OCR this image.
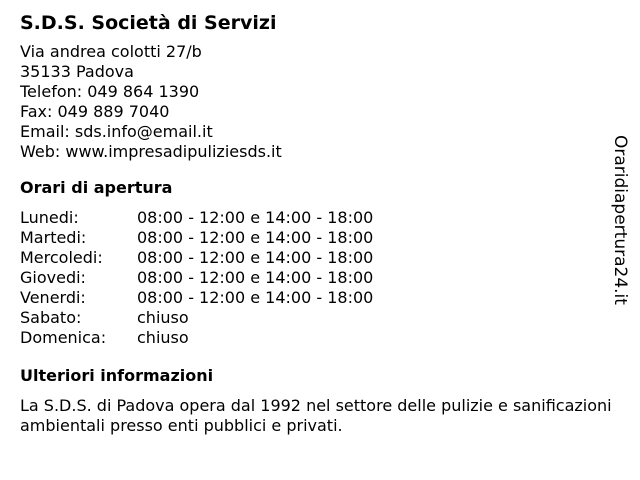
S.D.S. Società di Servizi
Via andrea colotti 27/b
35133 Padova
Telefon: 049 864 1390
Fax: 049 889 7040
Email: sds.info@email.it
Web: www.impresadipuliziesds.it
Orari di apertura
Lunedi:	08:00 - 12:00 e 14:00 - 18:00
Martedi:	08:00 - 12:00 e 14:00 - 18:00
Mercoledi:	08:00 - 12:00 e 14:00 - 18:00
Giovedi:	08:00 - 12:00 e 14:00 - 18:00
Venerdi:	08:00 - 12:00 e 14:00 - 18:00
Sabato:	chiuso
Domenica:	chiuso
Ulteriori informazioni

La S.D.S. di Padova opera dal 1992 nel settore delle pulizie e sanificazioni ambientali presso enti pubblici e privati.

Oraridiapertura24.it
